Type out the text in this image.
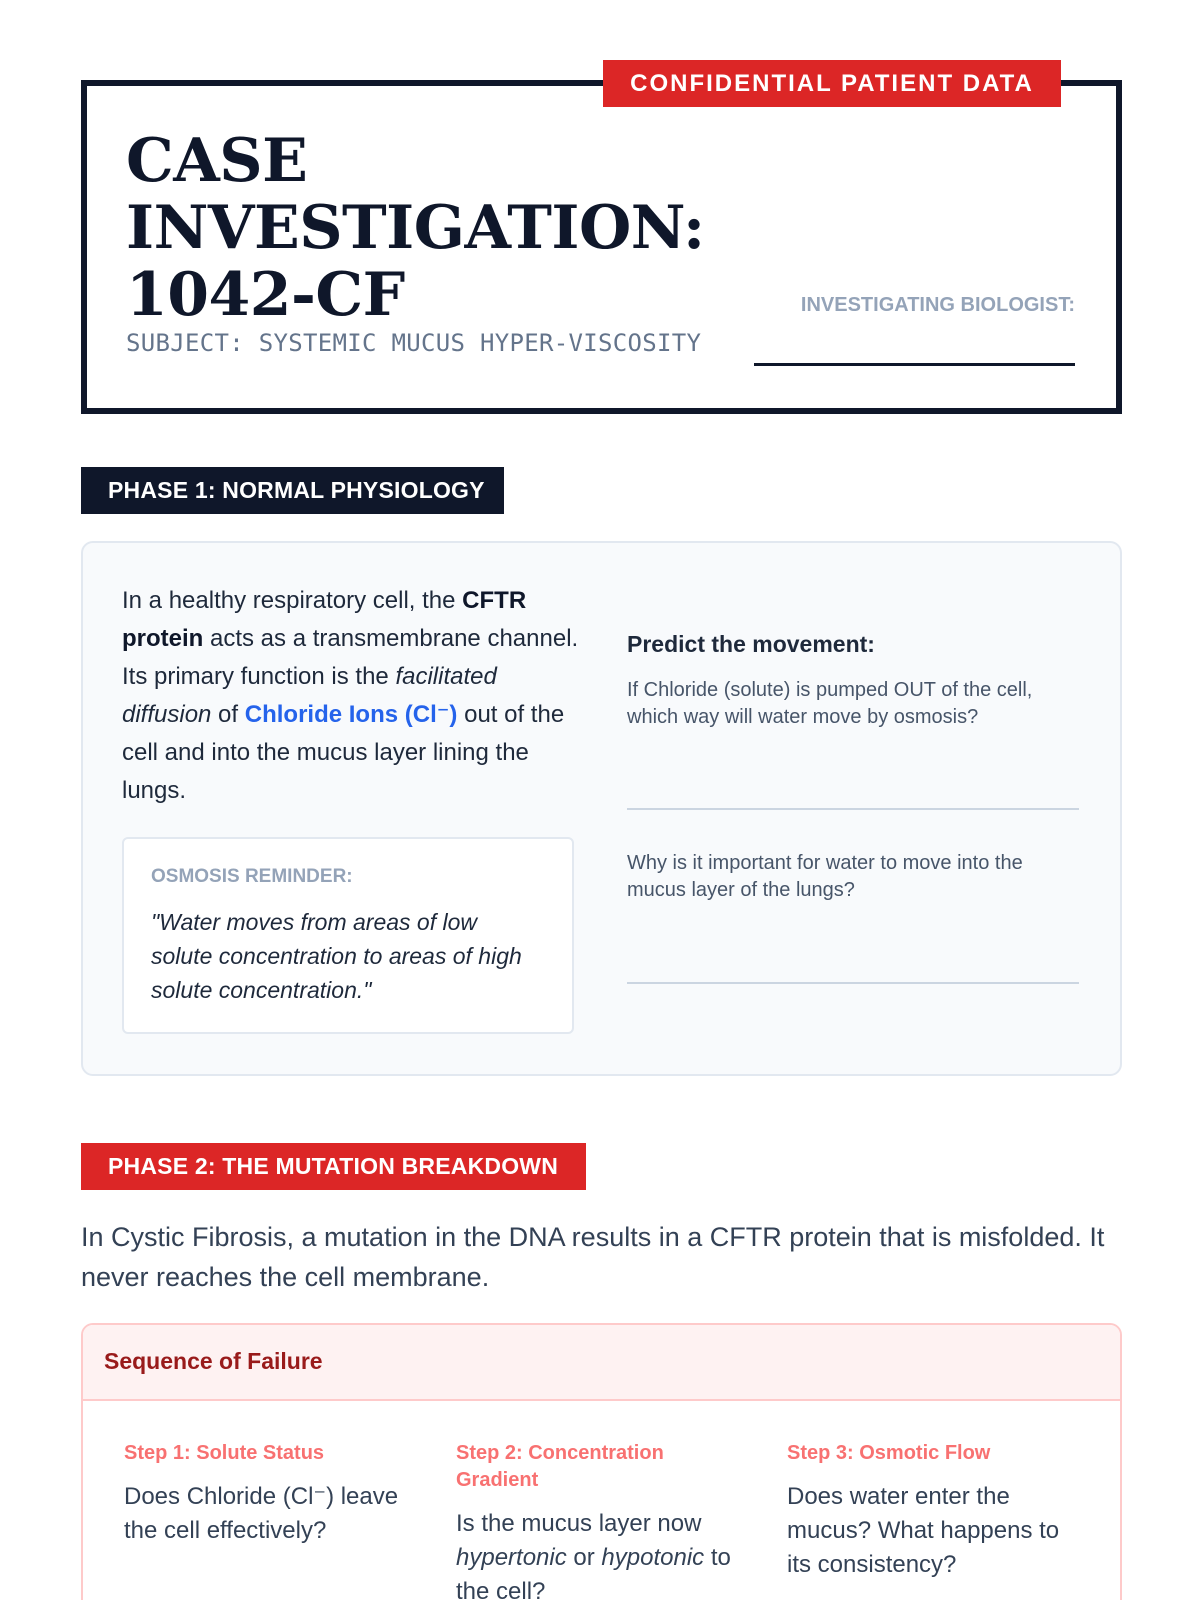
CONFIDENTIAL PATIENT DATA
CASE
INVESTIGATION:
1042-CF
SUBJECT: SYSTEMIC MUCUS HYPER-VISCOSITY
INVESTIGATING BIOLOGIST:
PHASE 1: NORMAL PHYSIOLOGY

In a healthy respiratory cell, the CFTR protein acts as a transmembrane channel. Its primary function is the facilitated diffusion of Chloride Ions (Cl⁻) out of the cell and into the mucus layer lining the lungs.

OSMOSIS REMINDER:
"Water moves from areas of low solute concentration to areas of high solute concentration."
Predict the movement:
If Chloride (solute) is pumped OUT of the cell, which way will water move by osmosis?
Why is it important for water to move into the mucus layer of the lungs?
PHASE 2: THE MUTATION BREAKDOWN

In Cystic Fibrosis, a mutation in the DNA results in a CFTR protein that is misfolded. It never reaches the cell membrane.

Sequence of Failure
Step 1: Solute Status
Does Chloride (Cl⁻) leave the cell effectively?
Step 2: Concentration Gradient
Is the mucus layer now hypertonic or hypotonic to the cell?
Step 3: Osmotic Flow
Does water enter the mucus? What happens to its consistency?
